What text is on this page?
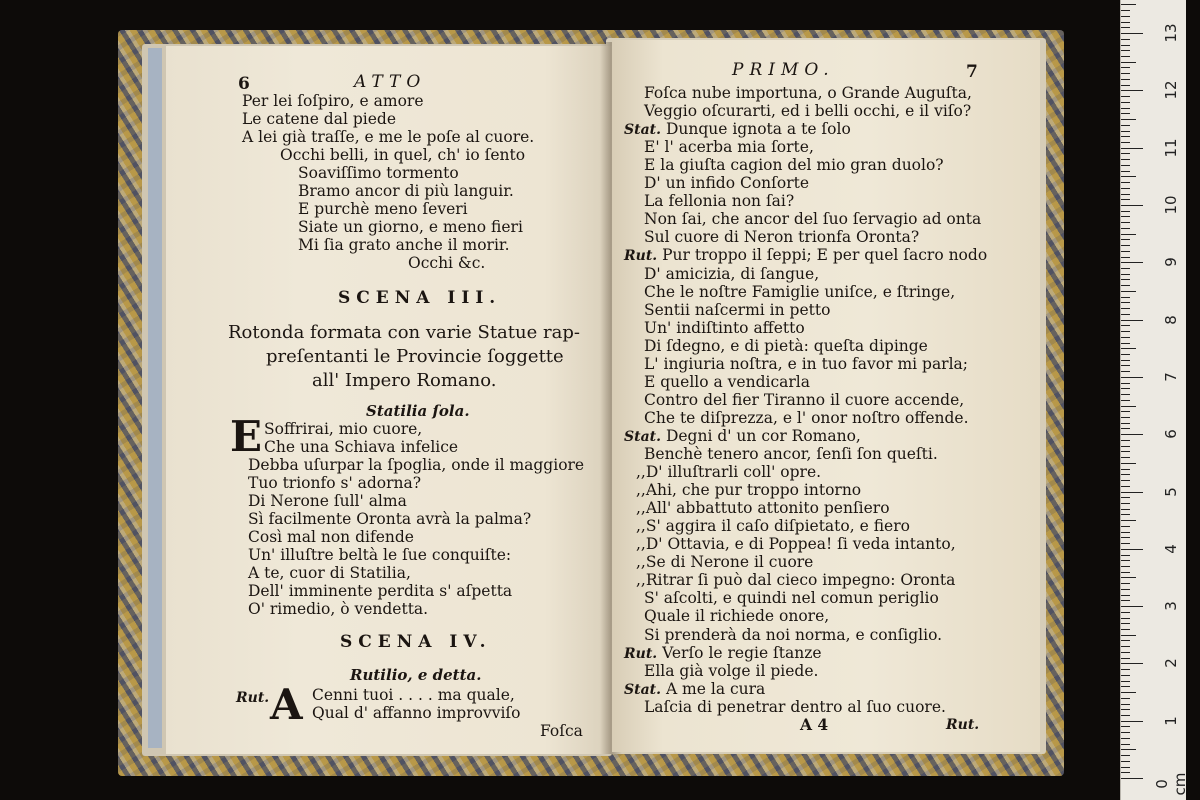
6	ATTO
Per lei ſoſpiro, e amore
Le catene dal piede
A lei già traſſe, e me le poſe al cuore.
Occhi belli, in quel, ch' io ſento
Soaviſſimo tormento
Bramo ancor di più languir.
E purchè meno ſeveri
Siate un giorno, e meno fieri
Mi ſia grato anche il morir.
Occhi &c.
SCENA III.
Rotonda formata con varie Statue rap-
preſentanti le Provincie ſoggette
all' Impero Romano.
Statilia ſola.
E Soffrirai, mio cuore,
Che una Schiava infelice
Debba uſurpar la ſpoglia, onde il maggiore
Tuo trionfo s' adorna?
Di Nerone ſull' alma
Sì facilmente Oronta avrà la palma?
Così mal non difende
Un' illuſtre beltà le ſue conquiſte:
A te, cuor di Statilia,
Dell' imminente perdita s' aſpetta
O' rimedio, ò vendetta.
SCENA IV.
Rutilio, e detta.
Rut. A Cenni tuoi . . . . ma quale,
Qual d' affanno improvviſo
Foſca
PRIMO.	7
Foſca nube importuna, o Grande Auguſta,
Veggio oſcurarti, ed i belli occhi, e il viſo?
Stat. Dunque ignota a te ſolo
E' l' acerba mia ſorte,
E la giuſta cagion del mio gran duolo?
D' un infido Conſorte
La fellonia non ſai?
Non ſai, che ancor del ſuo ſervagio ad onta
Sul cuore di Neron trionfa Oronta?
Rut. Pur troppo il ſeppi; E per quel ſacro nodo
D' amicizia, di ſangue,
Che le noſtre Famiglie uniſce, e ſtringe,
Sentii naſcermi in petto
Un' indiſtinto affetto
Di ſdegno, e di pietà: queſta dipinge
L' ingiuria noſtra, e in tuo favor mi parla;
E quello a vendicarla
Contro del fier Tiranno il cuore accende,
Che te diſprezza, e l' onor noſtro offende.
Stat. Degni d' un cor Romano,
Benchè tenero ancor, ſenſi ſon queſti.
,,D' illuſtrarli coll' opre.
,,Ahi, che pur troppo intorno
,,All' abbattuto attonito penſiero
,,S' aggira il caſo diſpietato, e fiero
,,D' Ottavia, e di Poppea! ſi veda intanto,
,,Se di Nerone il cuore
,,Ritrar ſi può dal cieco impegno: Oronta
S' aſcolti, e quindi nel comun periglio
Quale il richiede onore,
Si prenderà da noi norma, e conſiglio.
Rut. Verſo le regie ſtanze
Ella già volge il piede.
Stat. A me la cura
Laſcia di penetrar dentro al ſuo cuore.
A 4	Rut.
0 cm
1
2
3
4
5
6
7
8
9
10
11
12
13
